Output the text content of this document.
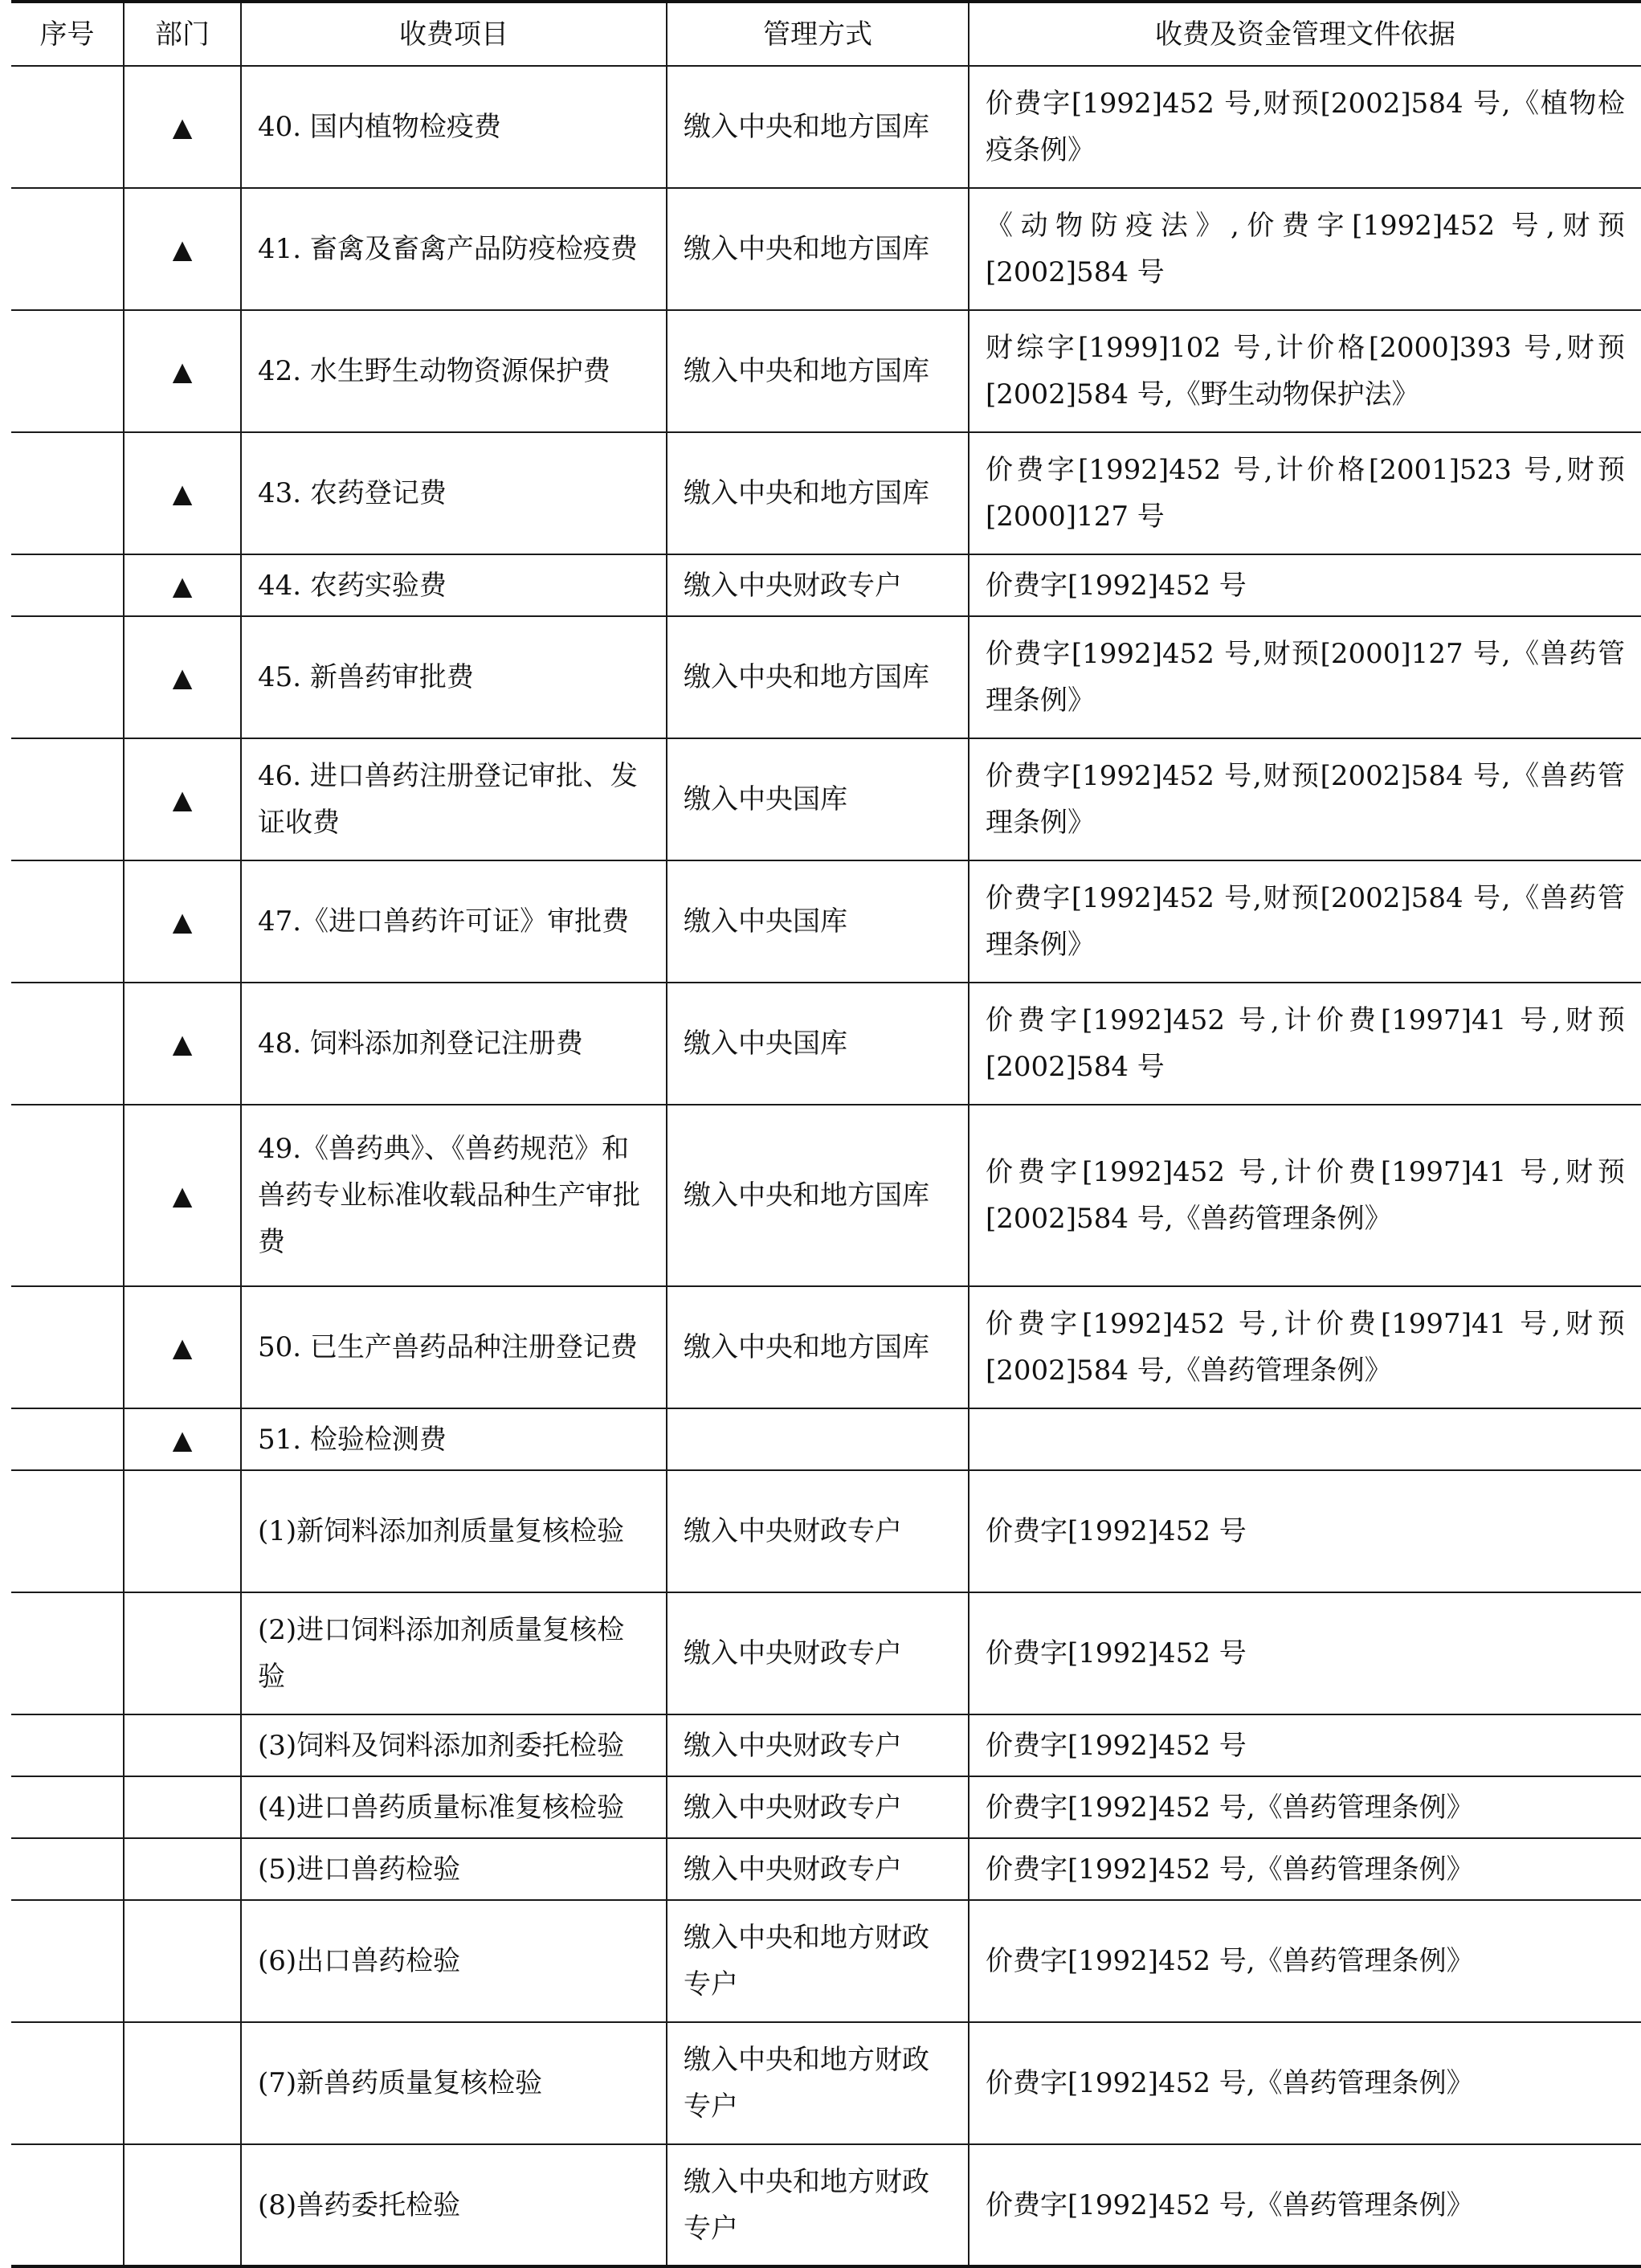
序号	部门	收费项目	管理方式	收费及资金管理文件依据
	▲	40. 国内植物检疫费	缴入中央和地方国库	价费字[1992]452 号,财预[2002]584 号,《植物检疫条例》
	▲	41. 畜禽及畜禽产品防疫检疫费	缴入中央和地方国库	《动物防疫法》,价费字[1992]452 号,财预[2002]584 号
	▲	42. 水生野生动物资源保护费	缴入中央和地方国库	财综字[1999]102 号,计价格[2000]393 号,财预[2002]584 号,《野生动物保护法》
	▲	43. 农药登记费	缴入中央和地方国库	价费字[1992]452 号,计价格[2001]523 号,财预[2000]127 号
	▲	44. 农药实验费	缴入中央财政专户	价费字[1992]452 号
	▲	45. 新兽药审批费	缴入中央和地方国库	价费字[1992]452 号,财预[2000]127 号,《兽药管理条例》
	▲	46. 进口兽药注册登记审批、发证收费	缴入中央国库	价费字[1992]452 号,财预[2002]584 号,《兽药管理条例》
	▲	47.《进口兽药许可证》审批费	缴入中央国库	价费字[1992]452 号,财预[2002]584 号,《兽药管理条例》
	▲	48. 饲料添加剂登记注册费	缴入中央国库	价费字[1992]452 号,计价费[1997]41 号,财预[2002]584 号
	▲	49.《兽药典》、《兽药规范》和兽药专业标准收载品种生产审批费	缴入中央和地方国库	价费字[1992]452 号,计价费[1997]41 号,财预[2002]584 号,《兽药管理条例》
	▲	50. 已生产兽药品种注册登记费	缴入中央和地方国库	价费字[1992]452 号,计价费[1997]41 号,财预[2002]584 号,《兽药管理条例》
	▲	51. 检验检测费		
		(1)新饲料添加剂质量复核检验	缴入中央财政专户	价费字[1992]452 号
		(2)进口饲料添加剂质量复核检验	缴入中央财政专户	价费字[1992]452 号
		(3)饲料及饲料添加剂委托检验	缴入中央财政专户	价费字[1992]452 号
		(4)进口兽药质量标准复核检验	缴入中央财政专户	价费字[1992]452 号,《兽药管理条例》
		(5)进口兽药检验	缴入中央财政专户	价费字[1992]452 号,《兽药管理条例》
		(6)出口兽药检验	缴入中央和地方财政专户	价费字[1992]452 号,《兽药管理条例》
		(7)新兽药质量复核检验	缴入中央和地方财政专户	价费字[1992]452 号,《兽药管理条例》
		(8)兽药委托检验	缴入中央和地方财政专户	价费字[1992]452 号,《兽药管理条例》
